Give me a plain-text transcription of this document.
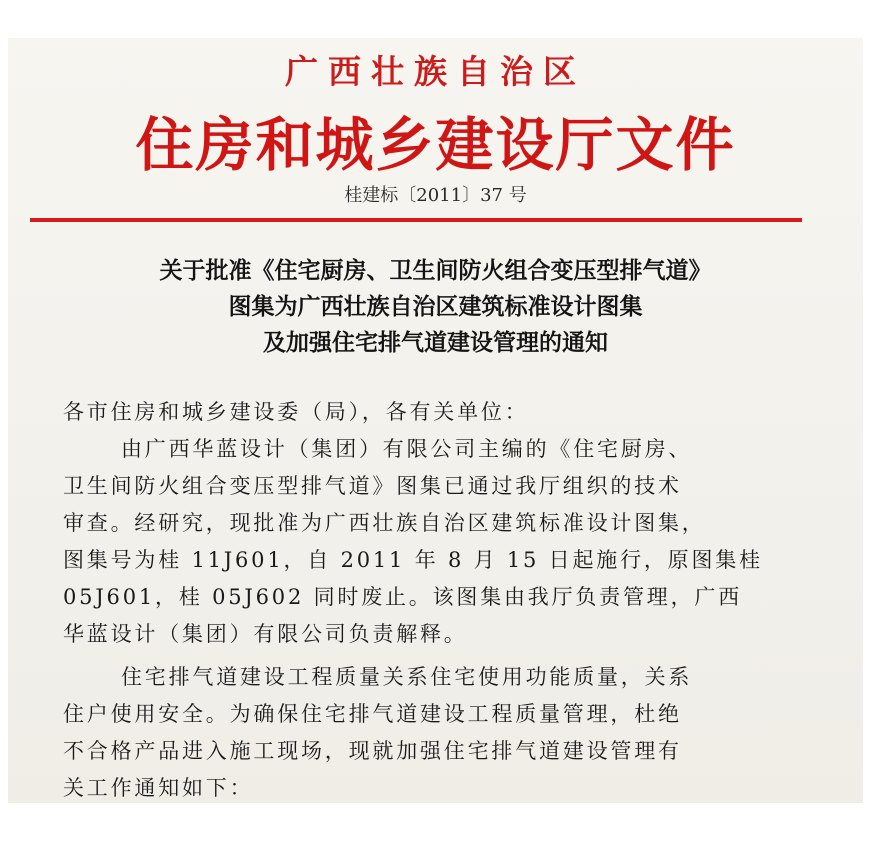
广西壮族自治区
住房和城乡建设厅文件
桂建标〔2011〕37 号
关于批准《住宅厨房、卫生间防火组合变压型排气道》
图集为广西壮族自治区建筑标准设计图集
及加强住宅排气道建设管理的通知
各市住房和城乡建设委（局），各有关单位：
由广西华蓝设计（集团）有限公司主编的《住宅厨房、
卫生间防火组合变压型排气道》图集已通过我厅组织的技术
审查。经研究，现批准为广西壮族自治区建筑标准设计图集，
图集号为桂 11J601，自 2011 年 8 月 15 日起施行，原图集桂
05J601，桂 05J602 同时废止。该图集由我厅负责管理，广西
华蓝设计（集团）有限公司负责解释。
住宅排气道建设工程质量关系住宅使用功能质量，关系
住户使用安全。为确保住宅排气道建设工程质量管理，杜绝
不合格产品进入施工现场，现就加强住宅排气道建设管理有
关工作通知如下：
